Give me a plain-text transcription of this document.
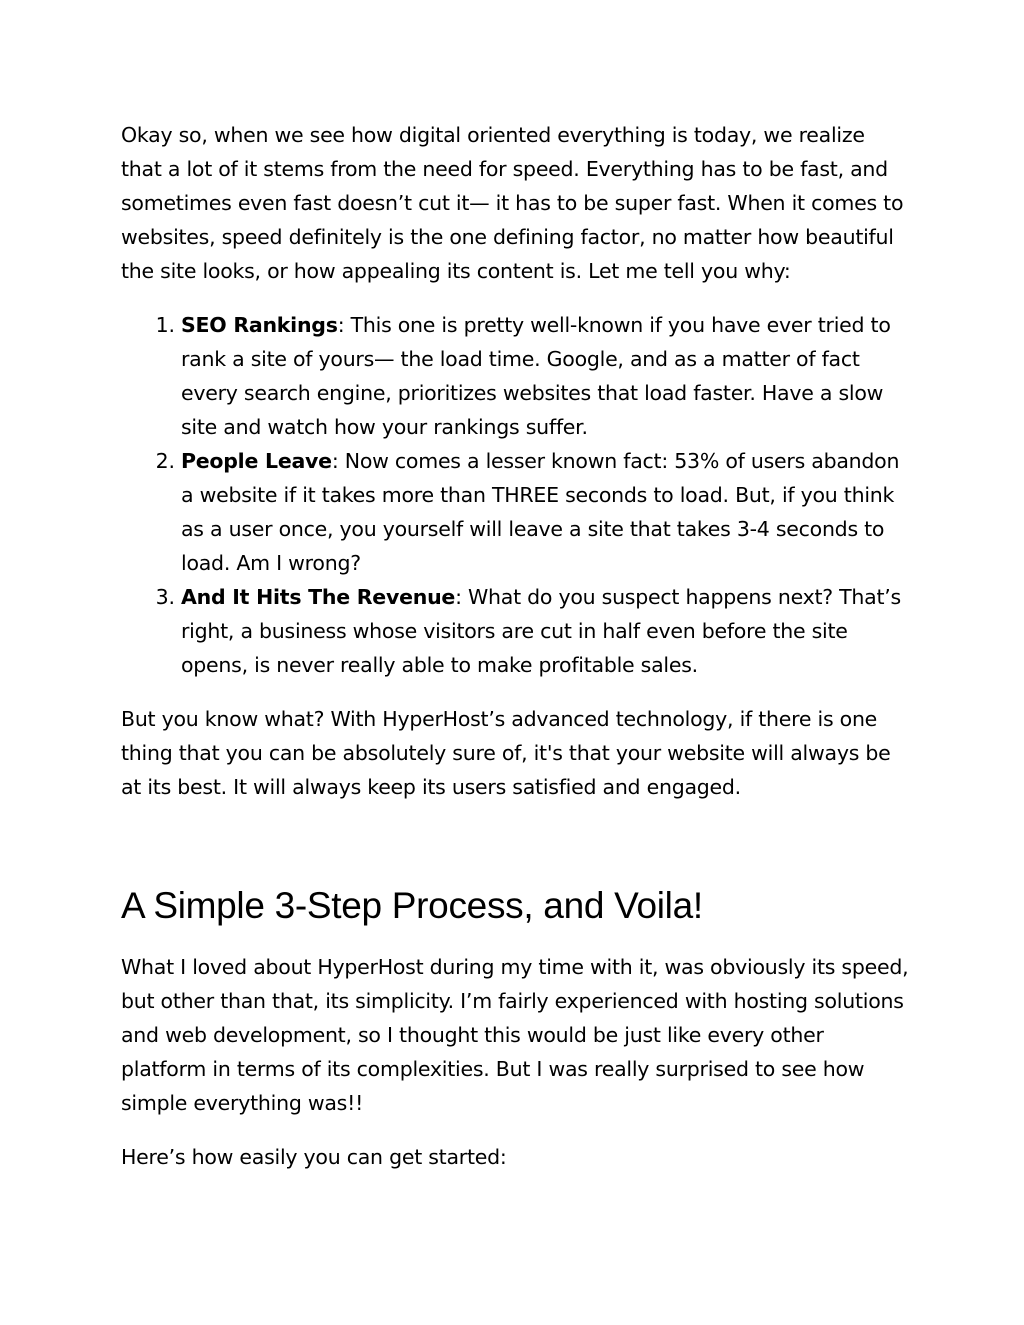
Okay so, when we see how digital oriented everything is today, we realize that a lot of it stems from the need for speed. Everything has to be fast, and sometimes even fast doesn’t cut it— it has to be super fast. When it comes to websites, speed definitely is the one defining factor, no matter how beautiful the site looks, or how appealing its content is. Let me tell you why:

1. SEO Rankings: This one is pretty well-known if you have ever tried to rank a site of yours— the load time. Google, and as a matter of fact every search engine, prioritizes websites that load faster. Have a slow site and watch how your rankings suffer.
2. People Leave: Now comes a lesser known fact: 53% of users abandon a website if it takes more than THREE seconds to load. But, if you think as a user once, you yourself will leave a site that takes 3-4 seconds to load. Am I wrong?
3. And It Hits The Revenue: What do you suspect happens next? That’s right, a business whose visitors are cut in half even before the site opens, is never really able to make profitable sales.

But you know what? With HyperHost’s advanced technology, if there is one thing that you can be absolutely sure of, it's that your website will always be at its best. It will always keep its users satisfied and engaged.

A Simple 3-Step Process, and Voila!

What I loved about HyperHost during my time with it, was obviously its speed, but other than that, its simplicity. I’m fairly experienced with hosting solutions and web development, so I thought this would be just like every other platform in terms of its complexities. But I was really surprised to see how simple everything was!!

Here’s how easily you can get started:
